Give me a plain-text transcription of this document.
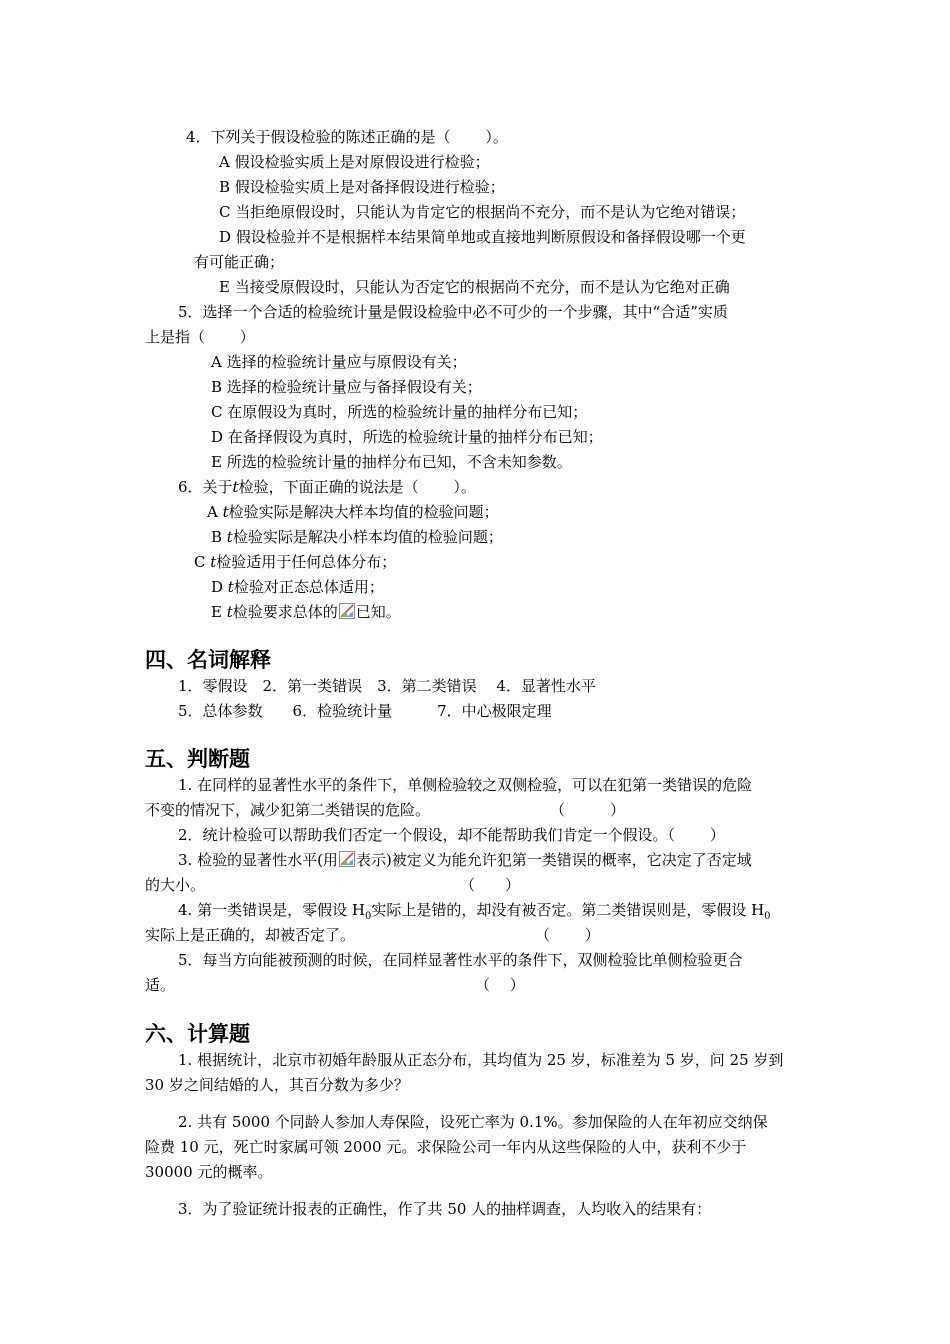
4．下列关于假设检验的陈述正确的是（　　 ）。
A 假设检验实质上是对原假设进行检验；
B 假设检验实质上是对备择假设进行检验；
C 当拒绝原假设时，只能认为肯定它的根据尚不充分，而不是认为它绝对错误；
D 假设检验并不是根据样本结果简单地或直接地判断原假设和备择假设哪一个更
有可能正确；
E 当接受原假设时，只能认为否定它的根据尚不充分，而不是认为它绝对正确
5．选择一个合适的检验统计量是假设检验中必不可少的一个步骤，其中“合适”实质
上是指（　　 ）
A 选择的检验统计量应与原假设有关；
B 选择的检验统计量应与备择假设有关；
C 在原假设为真时，所选的检验统计量的抽样分布已知；
D 在备择假设为真时，所选的检验统计量的抽样分布已知；
E 所选的检验统计量的抽样分布已知，不含未知参数。
6．关于t检验，下面正确的说法是（　　 ）。
A t检验实际是解决大样本均值的检验问题；
B t检验实际是解决小样本均值的检验问题；
C t检验适用于任何总体分布；
D t检验对正态总体适用；
E t检验要求总体的 已知。
四、名词解释
1．零假设　2．第一类错误　3．第二类错误　 4．显著性水平
5．总体参数　　6．检验统计量　　　7．中心极限定理
五、判断题
1. 在同样的显著性水平的条件下，单侧检验较之双侧检验，可以在犯第一类错误的危险
不变的情况下，减少犯第二类错误的危险。　　　　　　　　　（　　　）
2．统计检验可以帮助我们否定一个假设，却不能帮助我们肯定一个假设。（　　 ）
3. 检验的显著性水平(用 表示)被定义为能允许犯第一类错误的概率，它决定了否定域
的大小。　　　　　　　　　　　　　　　　　　（　　）
4. 第一类错误是，零假设 $H_0$实际上是错的，却没有被否定。第二类错误则是，零假设 $H_0$
实际上是正确的，却被否定了。　　　　　　　　　　　　　（　　 ）
5．每当方向能被预测的时候，在同样显著性水平的条件下，双侧检验比单侧检验更合
适。　　　　　　　　　　　　　　　　　　　　　（　 ）
六、计算题
1. 根据统计，北京市初婚年龄服从正态分布，其均值为 25 岁，标准差为 5 岁，问 25 岁到
30 岁之间结婚的人，其百分数为多少？
2. 共有 5000 个同龄人参加人寿保险，设死亡率为 0.1%。参加保险的人在年初应交纳保
险费 10 元，死亡时家属可领 2000 元。求保险公司一年内从这些保险的人中，获利不少于
30000 元的概率。
3．为了验证统计报表的正确性，作了共 50 人的抽样调查，人均收入的结果有：
